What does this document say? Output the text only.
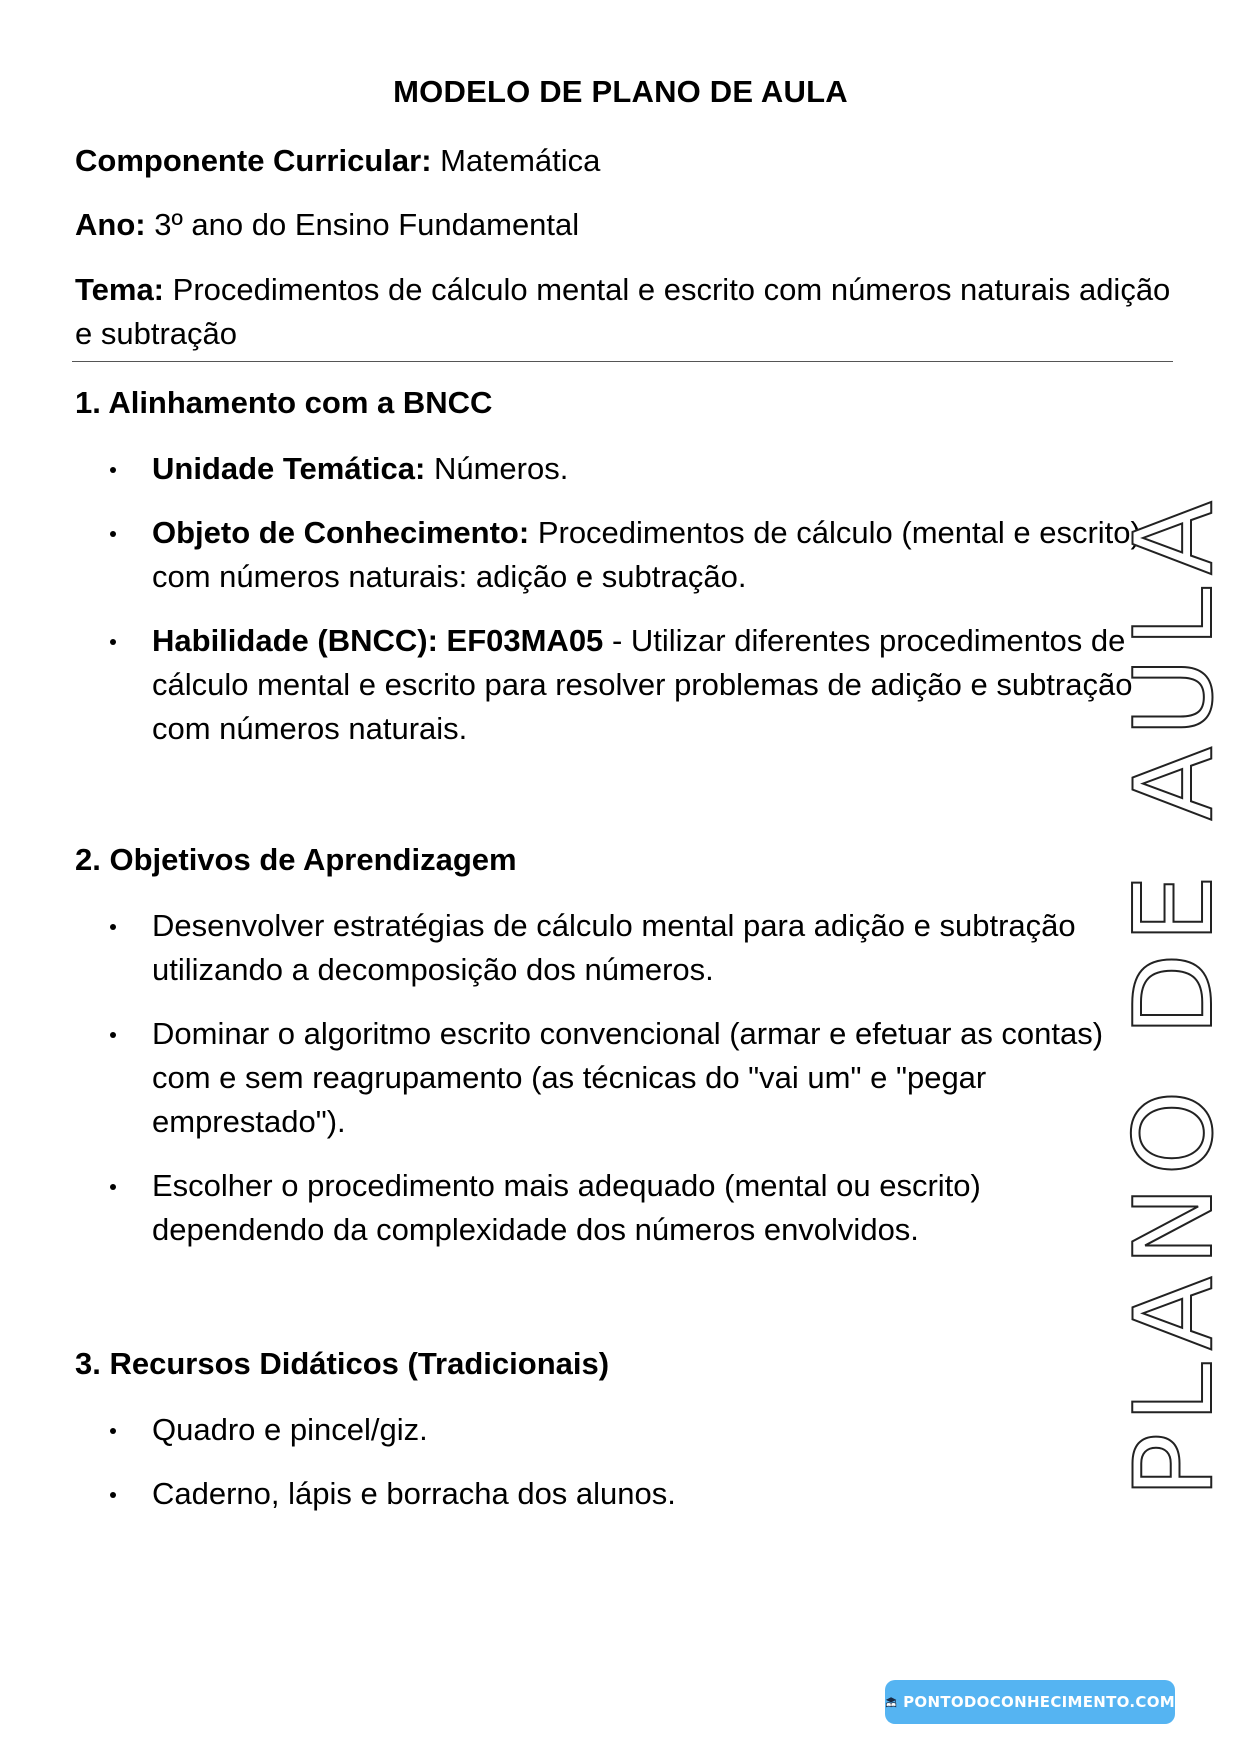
MODELO DE PLANO DE AULA
Componente Curricular: Matemática
Ano: 3º ano do Ensino Fundamental
Tema: Procedimentos de cálculo mental e escrito com números naturais adição e subtração
1. Alinhamento com a BNCC
Unidade Temática: Números.
Objeto de Conhecimento: Procedimentos de cálculo (mental e escrito) com números naturais: adição e subtração.
Habilidade (BNCC): EF03MA05 - Utilizar diferentes procedimentos de cálculo mental e escrito para resolver problemas de adição e subtração com números naturais.
2. Objetivos de Aprendizagem
Desenvolver estratégias de cálculo mental para adição e subtração utilizando a decomposição dos números.
Dominar o algoritmo escrito convencional (armar e efetuar as contas) com e sem reagrupamento (as técnicas do "vai um" e "pegar emprestado").
Escolher o procedimento mais adequado (mental ou escrito) dependendo da complexidade dos números envolvidos.
3. Recursos Didáticos (Tradicionais)
Quadro e pincel/giz.
Caderno, lápis e borracha dos alunos.	PLANO DE AULA
PONTODOCONHECIMENTO.COM
